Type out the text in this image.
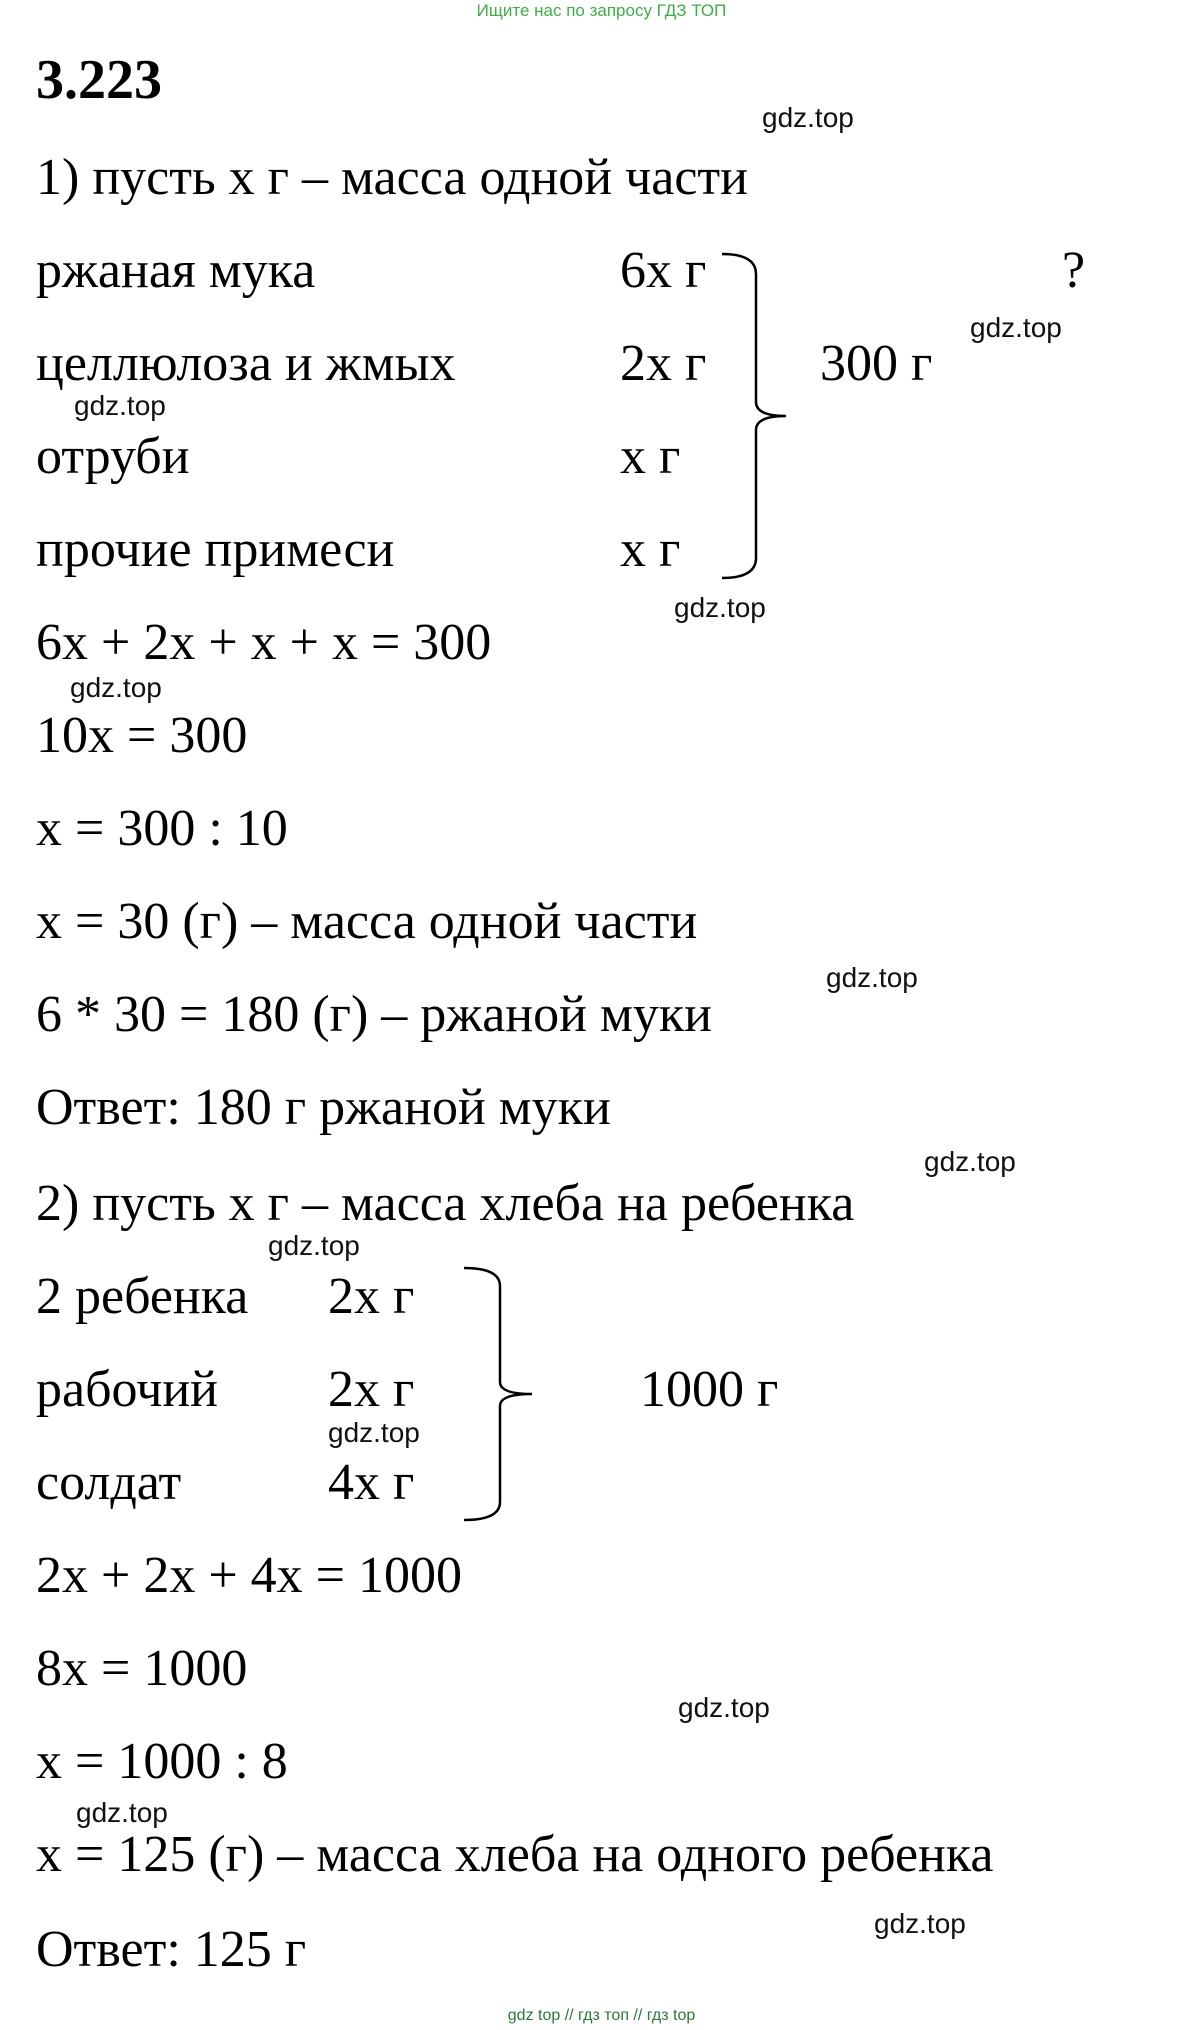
Ищите нас по запросу ГДЗ ТОП
3.223
1) пусть х г – масса одной части
ржаная мука	6х г
целлюлоза и жмых	2х г
отруби	х г
прочие примеси	х г
?
300 г
6х + 2х + х + х = 300
10х = 300
х = 300 : 10
х = 30 (г) – масса одной части
6 * 30 = 180 (г) – ржаной муки
Ответ: 180 г ржаной муки
2) пусть х г – масса хлеба на ребенка
2 ребенка 2х г
рабочий 2х г
солдат	4х г
1000 г
2х + 2х + 4х = 1000
8х = 1000
х = 1000 : 8
х = 125 (г) – масса хлеба на одного ребенка
Ответ: 125 г
gdz.top
gdz.top
gdz.top
gdz.top
gdz.top
gdz.top
gdz.top
gdz.top
gdz.top
gdz.top
gdz.top
gdz.top
gdz top // гдз топ // гдз top
